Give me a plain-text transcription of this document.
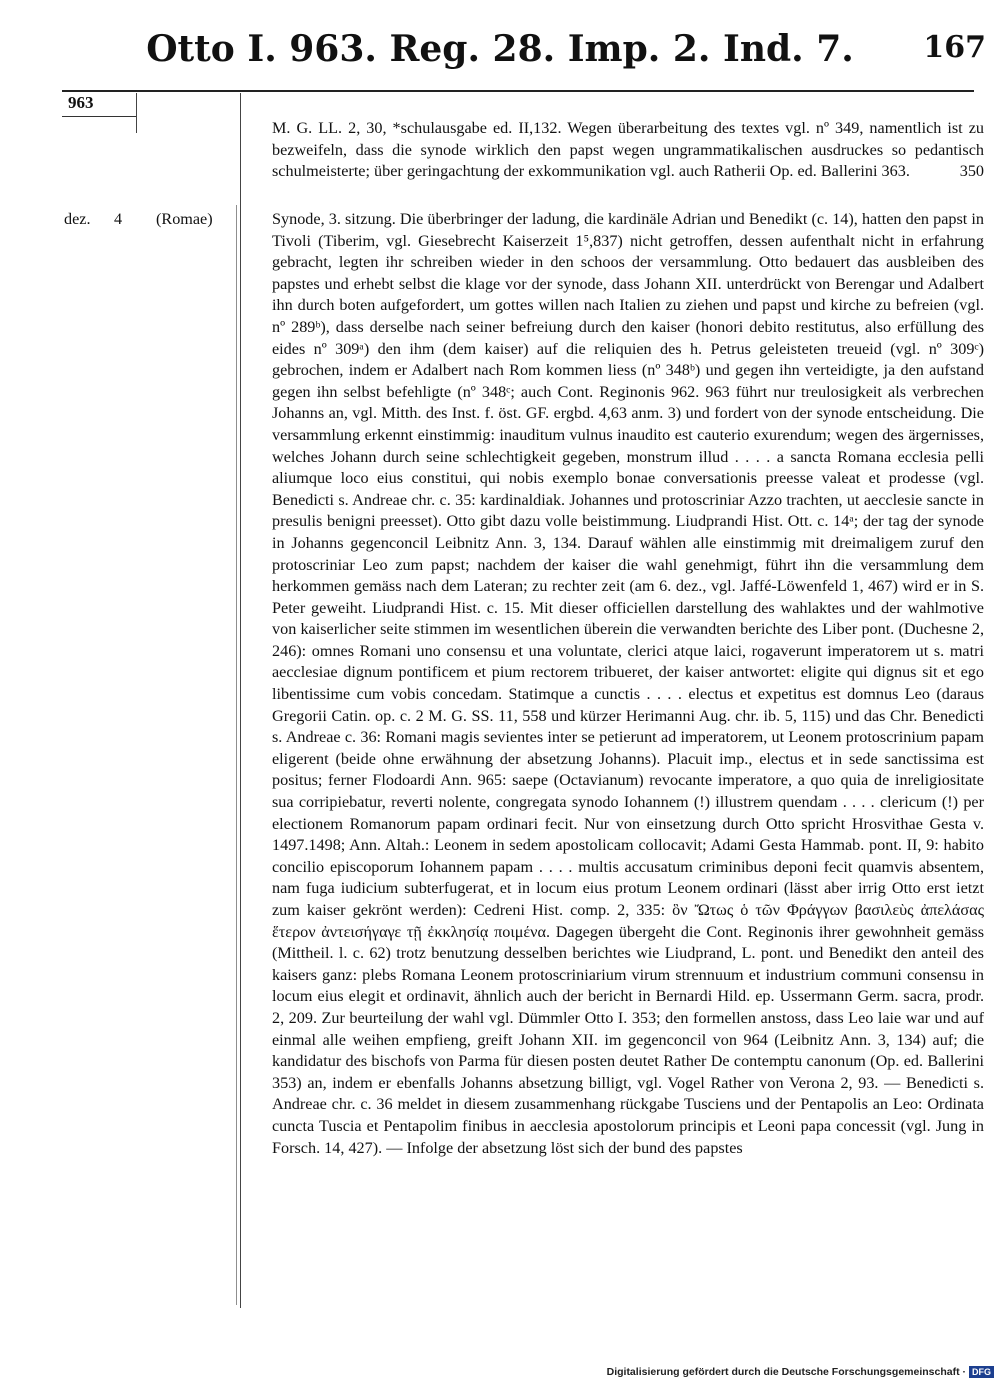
Otto I. 963. Reg. 28. Imp. 2. Ind. 7.	167
963

M. G. LL. 2, 30, *schulausgabe ed. II,132. Wegen überarbeitung des textes vgl. nº 349, namentlich ist zu bezweifeln, dass die synode wirklich den papst wegen ungrammatikalischen ausdruckes so pedantisch schulmeisterte; über geringachtung der exkommunikation vgl. auch Ratherii Op. ed. Ballerini 363.	350

dez. 4 (Romae)	Synode, 3. sitzung. Die überbringer der ladung, die kardinäle Adrian und Benedikt (c. 14), hatten den papst in Tivoli (Tiberim, vgl. Giesebrecht Kaiserzeit 1⁵,837) nicht getroffen, dessen aufenthalt nicht in erfahrung gebracht, legten ihr schreiben wieder in den schoos der versammlung. Otto bedauert das ausbleiben des papstes und erhebt selbst die klage vor der synode, dass Johann XII. unterdrückt von Berengar und Adalbert ihn durch boten aufgefordert, um gottes willen nach Italien zu ziehen und papst und kirche zu befreien (vgl. nº 289ᵇ), dass derselbe nach seiner befreiung durch den kaiser (honori debito restitutus, also erfüllung des eides nº 309ᵃ) den ihm (dem kaiser) auf die reliquien des h. Petrus geleisteten treueid (vgl. nº 309ᶜ) gebrochen, indem er Adalbert nach Rom kommen liess (nº 348ᵇ) und gegen ihn verteidigte, ja den aufstand gegen ihn selbst befehligte (nº 348ᶜ; auch Cont. Reginonis 962. 963 führt nur treulosigkeit als verbrechen Johanns an, vgl. Mitth. des Inst. f. öst. GF. ergbd. 4,63 anm. 3) und fordert von der synode entscheidung. Die versammlung erkennt einstimmig: inauditum vulnus inaudito est cauterio exurendum; wegen des ärgernisses, welches Johann durch seine schlechtigkeit gegeben, monstrum illud . . . . a sancta Romana ecclesia pelli aliumque loco eius constitui, qui nobis exemplo bonae conversationis preesse valeat et prodesse (vgl. Benedicti s. Andreae chr. c. 35: kardinaldiak. Johannes und protoscriniar Azzo trachten, ut aecclesie sancte in presulis benigni preesset). Otto gibt dazu volle beistimmung. Liudprandi Hist. Ott. c. 14ᵃ; der tag der synode in Johanns gegenconcil Leibnitz Ann. 3, 134. Darauf wählen alle einstimmig mit dreimaligem zuruf den protoscriniar Leo zum papst; nachdem der kaiser die wahl genehmigt, führt ihn die versammlung dem herkommen gemäss nach dem Lateran; zu rechter zeit (am 6. dez., vgl. Jaffé-Löwenfeld 1, 467) wird er in S. Peter geweiht. Liudprandi Hist. c. 15. Mit dieser officiellen darstellung des wahlaktes und der wahlmotive von kaiserlicher seite stimmen im wesentlichen überein die verwandten berichte des Liber pont. (Duchesne 2, 246): omnes Romani uno consensu et una voluntate, clerici atque laici, rogaverunt imperatorem ut s. matri aecclesiae dignum pontificem et pium rectorem tribueret, der kaiser antwortet: eligite qui dignus sit et ego libentissime cum vobis concedam. Statimque a cunctis . . . . electus et expetitus est domnus Leo (daraus Gregorii Catin. op. c. 2 M. G. SS. 11, 558 und kürzer Herimanni Aug. chr. ib. 5, 115) und das Chr. Benedicti s. Andreae c. 36: Romani magis sevientes inter se petierunt ad imperatorem, ut Leonem protoscrinium papam eligerent (beide ohne erwähnung der absetzung Johanns). Placuit imp., electus et in sede sanctissima est positus; ferner Flodoardi Ann. 965: saepe (Octavianum) revocante imperatore, a quo quia de inreligiositate sua corripiebatur, reverti nolente, congregata synodo Iohannem (!) illustrem quendam . . . . clericum (!) per electionem Romanorum papam ordinari fecit. Nur von einsetzung durch Otto spricht Hrosvithae Gesta v. 1497.1498; Ann. Altah.: Leonem in sedem apostolicam collocavit; Adami Gesta Hammab. pont. II, 9: habito concilio episcoporum Iohannem papam . . . . multis accusatum criminibus deponi fecit quamvis absentem, nam fuga iudicium subterfugerat, et in locum eius protum Leonem ordinari (lässt aber irrig Otto erst ietzt zum kaiser gekrönt werden): Cedreni Hist. comp. 2, 335: ὃν Ὤτως ὁ τῶν Φράγγων βασιλεὺς ἀπελάσας ἕτερον ἀντεισήγαγε τῇ ἐκκλησίᾳ ποιμένα. Dagegen übergeht die Cont. Reginonis ihrer gewohnheit gemäss (Mittheil. l. c. 62) trotz benutzung desselben berichtes wie Liudprand, L. pont. und Benedikt den anteil des kaisers ganz: plebs Romana Leonem protoscriniarium virum strennuum et industrium communi consensu in locum eius elegit et ordinavit, ähnlich auch der bericht in Bernardi Hild. ep. Ussermann Germ. sacra, prodr. 2, 209. Zur beurteilung der wahl vgl. Dümmler Otto I. 353; den formellen anstoss, dass Leo laie war und auf einmal alle weihen empfieng, greift Johann XII. im gegenconcil von 964 (Leibnitz Ann. 3, 134) auf; die kandidatur des bischofs von Parma für diesen posten deutet Rather De contemptu canonum (Op. ed. Ballerini 353) an, indem er ebenfalls Johanns absetzung billigt, vgl. Vogel Rather von Verona 2, 93. — Benedicti s. Andreae chr. c. 36 meldet in diesem zusammenhang rückgabe Tusciens und der Pentapolis an Leo: Ordinata cuncta Tuscia et Pentapolim finibus in aecclesia apostolorum principis et Leoni papa concessit (vgl. Jung in Forsch. 14, 427). — Infolge der absetzung löst sich der bund des papstes

Digitalisierung gefördert durch die Deutsche Forschungsgemeinschaft · DFG
